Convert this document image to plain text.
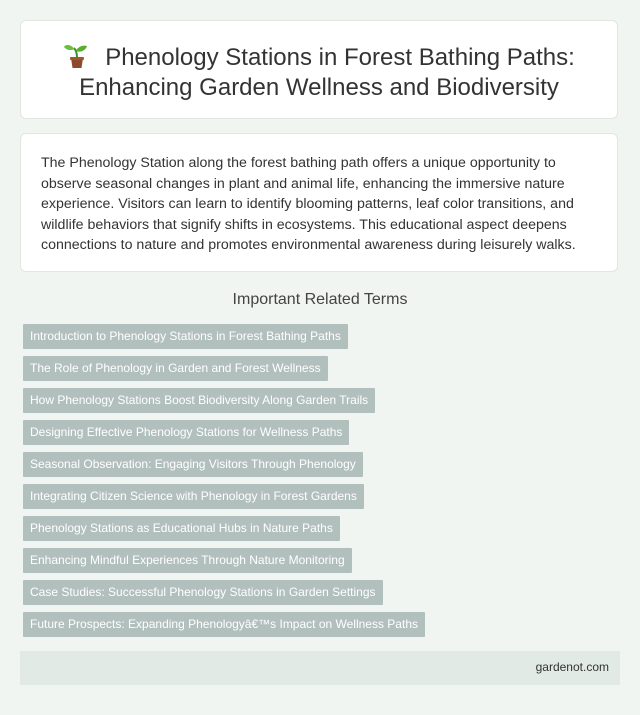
Phenology Stations in Forest Bathing Paths: Enhancing Garden Wellness and Biodiversity

The Phenology Station along the forest bathing path offers a unique opportunity to observe seasonal changes in plant and animal life, enhancing the immersive nature experience. Visitors can learn to identify blooming patterns, leaf color transitions, and wildlife behaviors that signify shifts in ecosystems. This educational aspect deepens connections to nature and promotes environmental awareness during leisurely walks.

Important Related Terms
Introduction to Phenology Stations in Forest Bathing Paths
The Role of Phenology in Garden and Forest Wellness
How Phenology Stations Boost Biodiversity Along Garden Trails
Designing Effective Phenology Stations for Wellness Paths
Seasonal Observation: Engaging Visitors Through Phenology
Integrating Citizen Science with Phenology in Forest Gardens
Phenology Stations as Educational Hubs in Nature Paths
Enhancing Mindful Experiences Through Nature Monitoring
Case Studies: Successful Phenology Stations in Garden Settings
Future Prospects: Expanding Phenologyâ€™s Impact on Wellness Paths
gardenot.com
